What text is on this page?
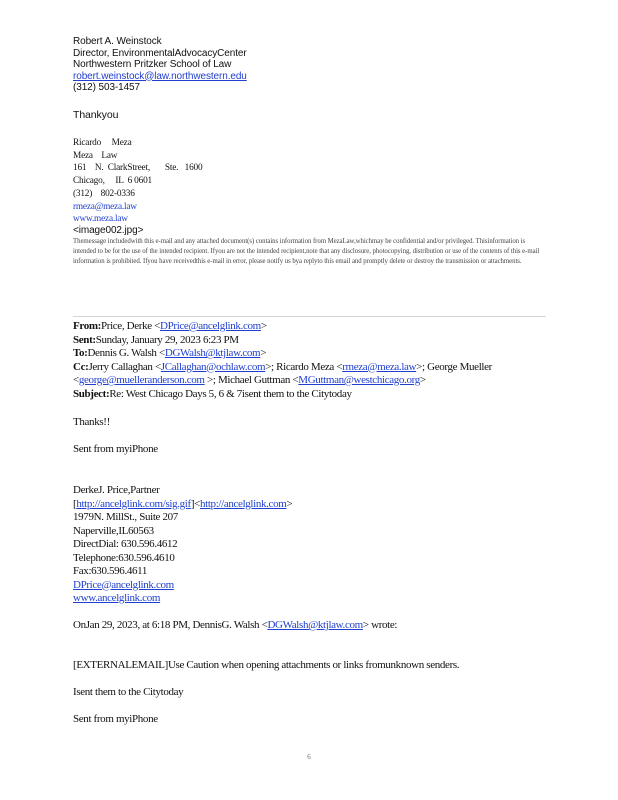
Robert A. Weinstock
Director, EnvironmentalAdvocacyCenter
Northwestern Pritzker School of Law
robert.weinstock@law.northwestern.edu
(312) 503-1457
Thankyou
Ricardo     Meza
Meza    Law
161    N.  ClarkStreet,       Ste.   1600
Chicago,     IL  6 0601
(312)    802-0336
rmeza@meza.law
www.meza.law
<image002.jpg>
Themessage includedwith this e-mail and any attached document(s) contains information from MezaLaw,whichmay be confidential and/or privileged. Thisinformation is intended to be for the use of the intended recipient. Ifyou are not the intended recipient,note that any disclosure, photocopying, distribution or use of the contents of this e-mail information is prohibited. Ifyou have receivedthis e-mail in error, please notify us bya replyto this email and promptly delete or destroy the transmission or attachments.
From:Price, Derke <DPrice@ancelglink.com>
Sent:Sunday, January 29, 2023 6:23 PM
To:Dennis G. Walsh <DGWalsh@ktjlaw.com>
Cc:Jerry Callaghan <JCallaghan@ochlaw.com>; Ricardo Meza <rmeza@meza.law>; George Mueller
<george@muelleranderson.com >; Michael Guttman <MGuttman@westchicago.org>
Subject:Re: West Chicago Days 5, 6 & 7isent them to the Citytoday
Thanks!!
Sent from myiPhone
DerkeJ. Price,Partner
[http://ancelglink.com/sig.gif]<http://ancelglink.com>
1979N. MillSt., Suite 207
Naperville,IL60563
DirectDial: 630.596.4612
Telephone:630.596.4610
Fax:630.596.4611
DPrice@ancelglink.com
www.ancelglink.com
OnJan 29, 2023, at 6:18 PM, DennisG. Walsh <DGWalsh@ktjlaw.com> wrote:
[EXTERNALEMAIL]Use Caution when opening attachments or links fromunknown senders.
Isent them to the Citytoday
Sent from myiPhone
6
